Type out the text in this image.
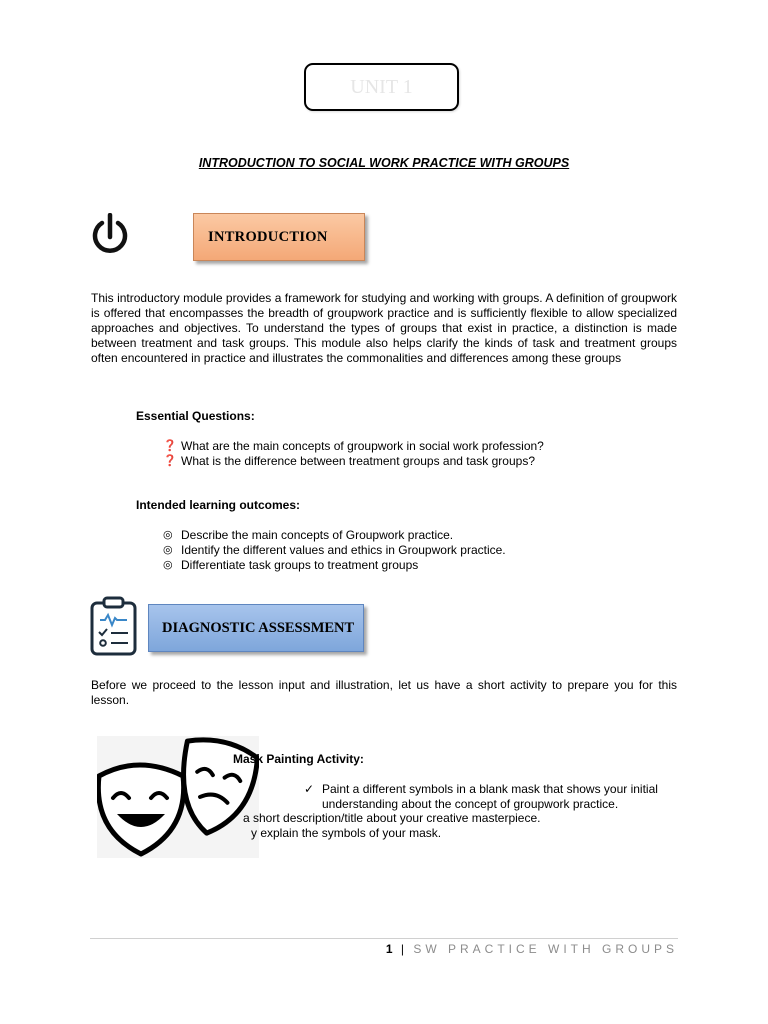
UNIT 1
INTRODUCTION TO SOCIAL WORK PRACTICE WITH GROUPS
INTRODUCTION
This introductory module provides a framework for studying and working with groups. A definition of groupwork is offered that encompasses the breadth of groupwork practice and is sufficiently flexible to allow specialized approaches and objectives. To understand the types of groups that exist in practice, a distinction is made between treatment and task groups. This module also helps clarify the kinds of task and treatment groups often encountered in practice and illustrates the commonalities and differences among these groups
Essential Questions:
❓ What are the main concepts of groupwork in social work profession?
❓ What is the difference between treatment groups and task groups?
Intended learning outcomes:
◎ Describe the main concepts of Groupwork practice.
◎ Identify the different values and ethics in Groupwork practice.
◎ Differentiate task groups to treatment groups
DIAGNOSTIC ASSESSMENT
Before we proceed to the lesson input and illustration, let us have a short activity to prepare you for this lesson.
Mask Painting Activity:
✓ Paint a different symbols in a blank mask that shows your initial understanding about the concept of groupwork practice.
a short description/title about your creative masterpiece.
y explain the symbols of your mask.
1 | SW PRACTICE WITH GROUPS
